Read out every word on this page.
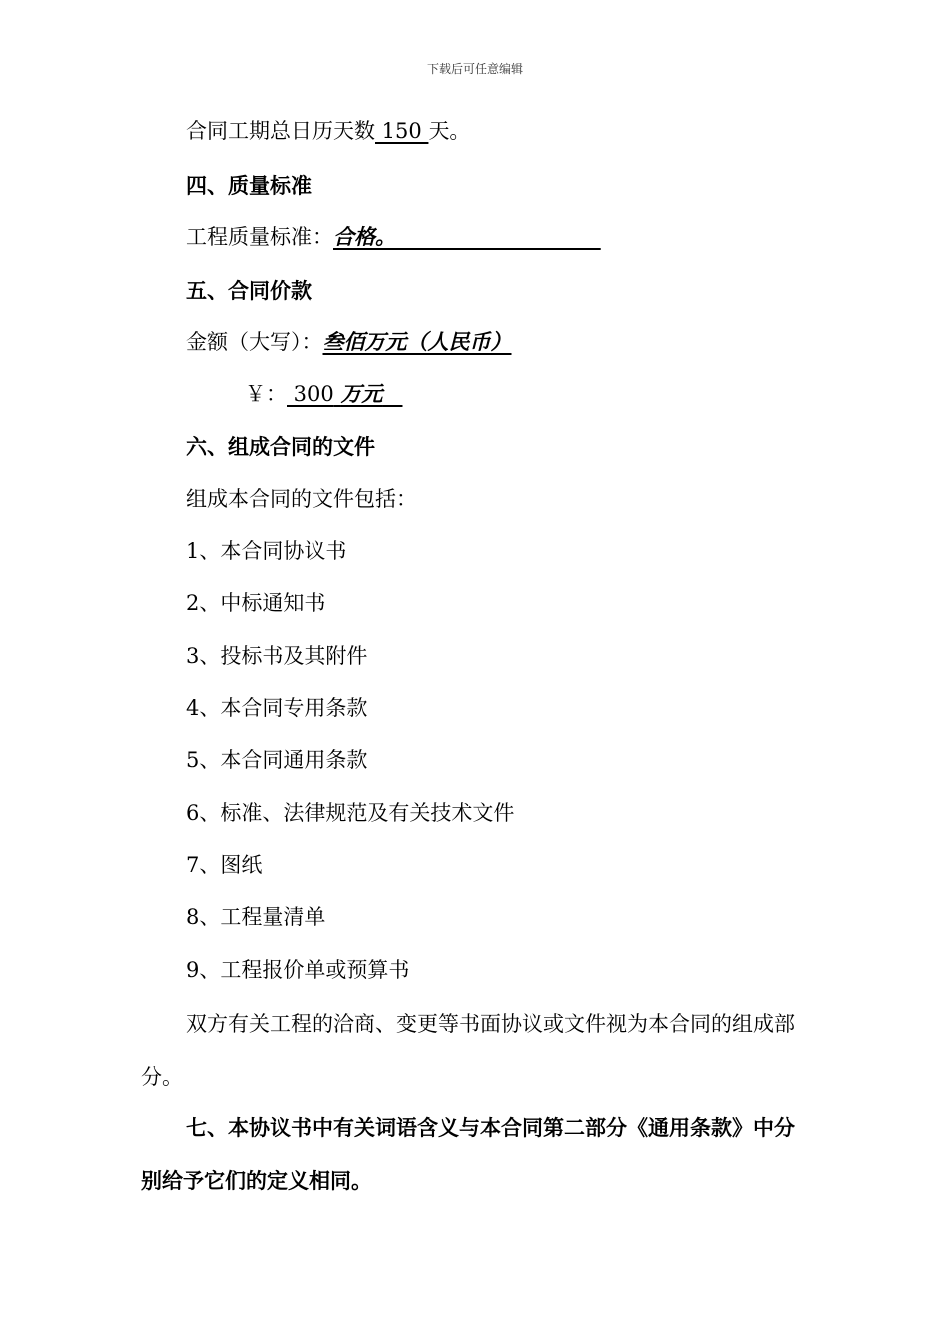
下载后可任意编辑
合同工期总日历天数 150 天。
四、质量标准
工程质量标准：合格。
五、合同价款
金额（大写）：叁佰万元（人民币）
￥： 300 万元
六、组成合同的文件
组成本合同的文件包括：
1、本合同协议书
2、中标通知书
3、投标书及其附件
4、本合同专用条款
5、本合同通用条款
6、标准、法律规范及有关技术文件
7、图纸
8、工程量清单
9、工程报价单或预算书
双方有关工程的洽商、变更等书面协议或文件视为本合同的组成部分。
七、本协议书中有关词语含义与本合同第二部分《通用条款》中分别给予它们的定义相同。
